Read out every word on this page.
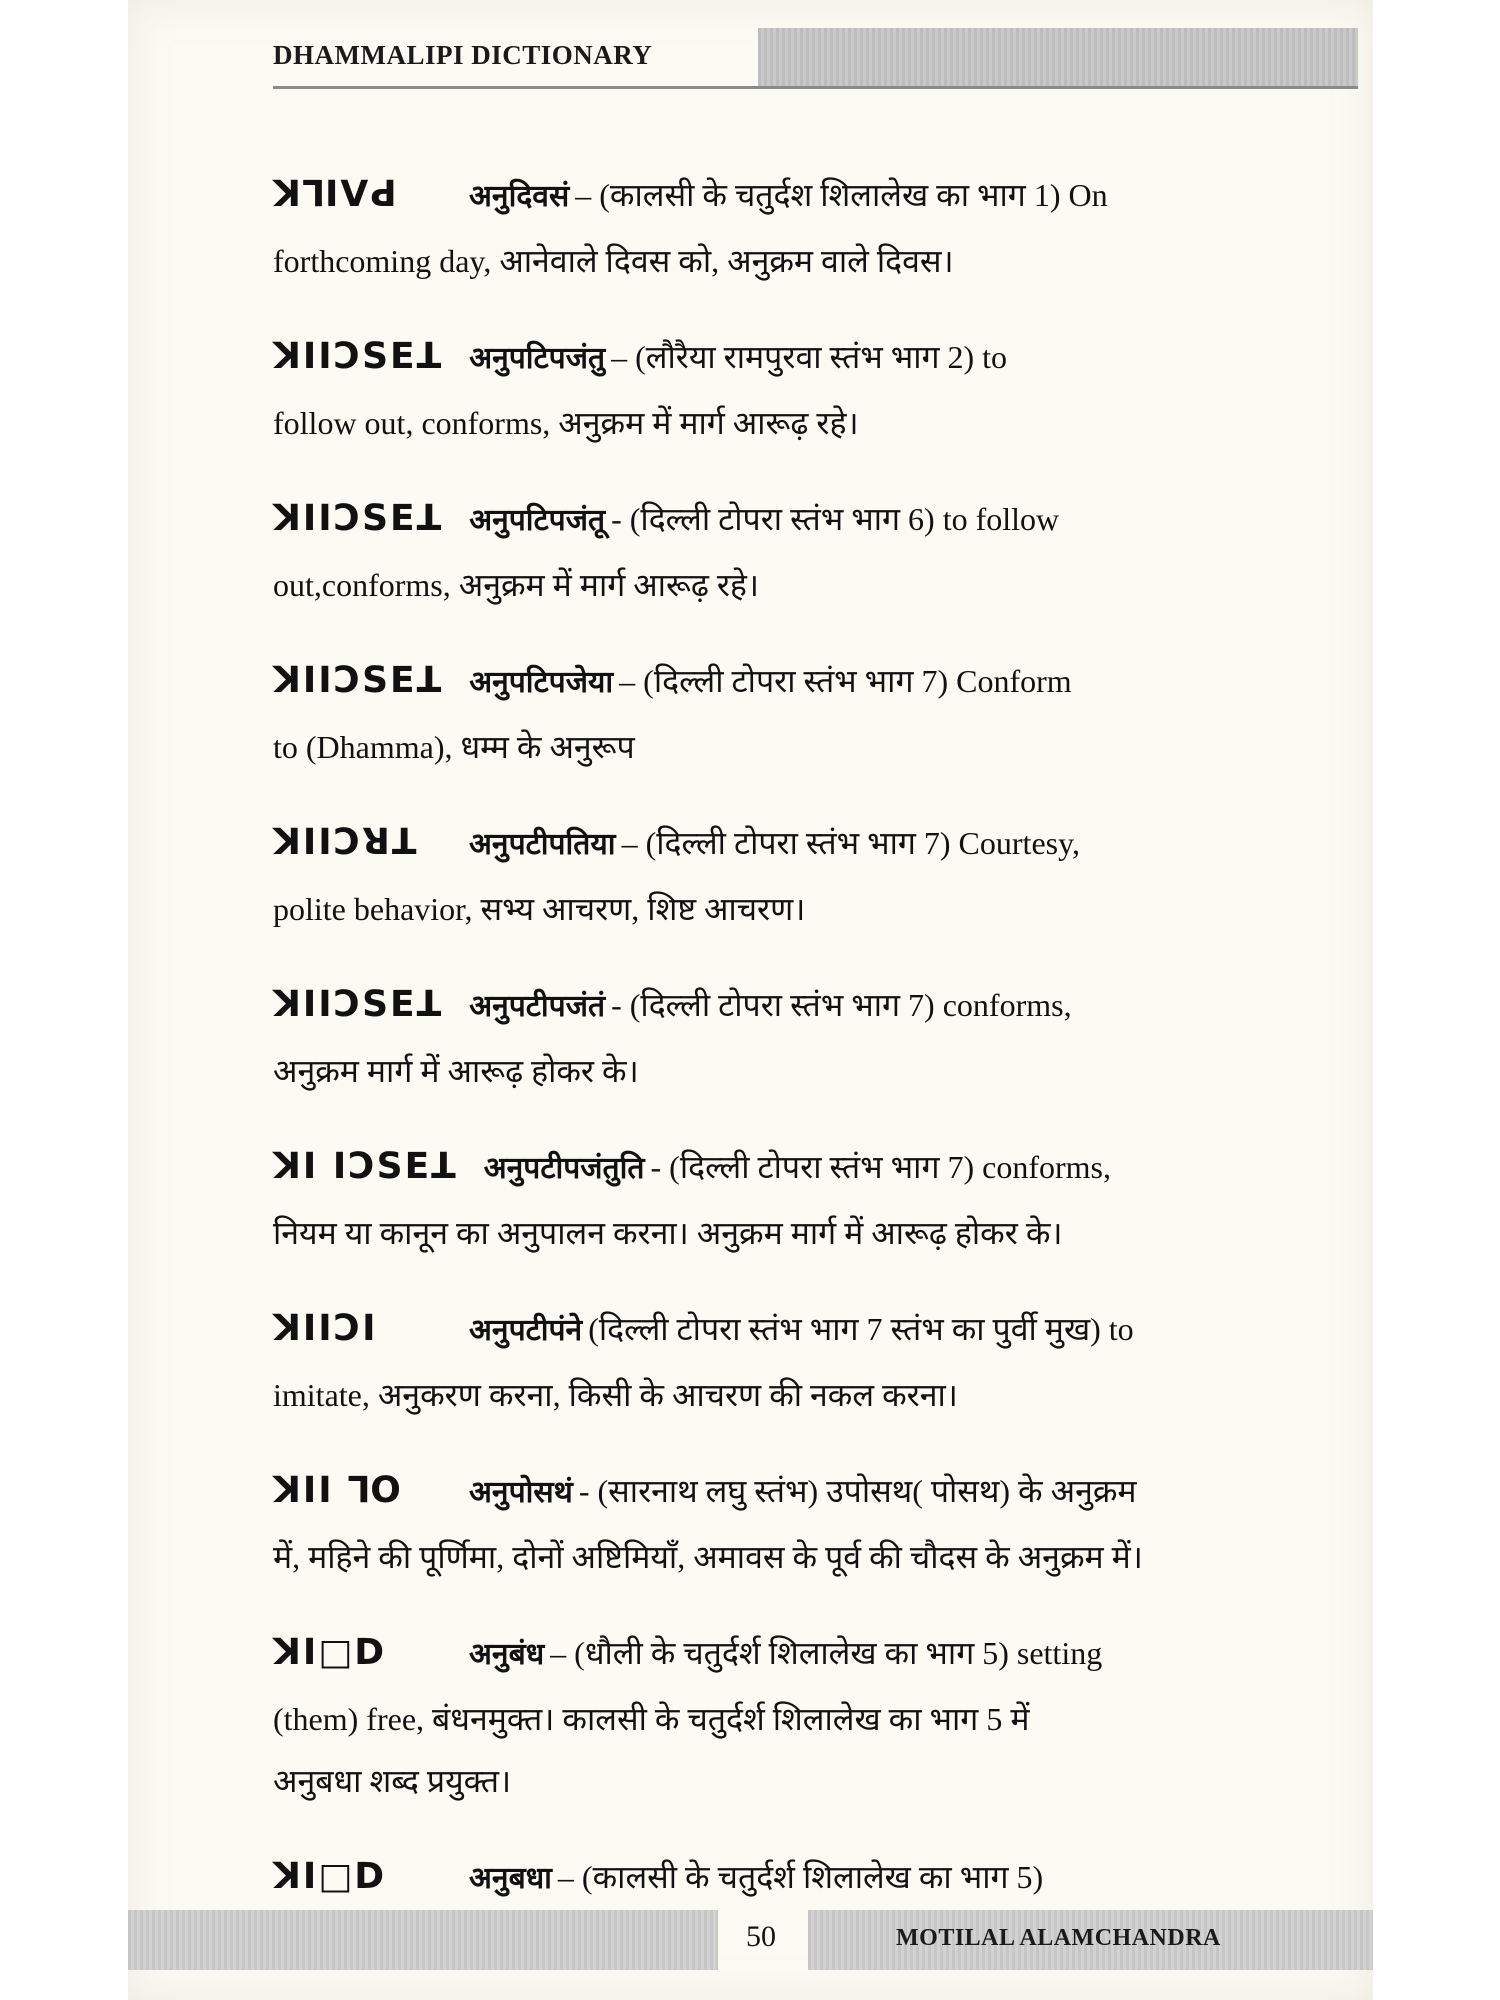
DHAMMALIPI DICTIONARY
ꓘꓶꓲꓦꓒ	अनुदिवसं – (कालसी के चतुर्दश शिलालेख का भाग 1) On
forthcoming day, आनेवाले दिवस को, अनुक्रम वाले दिवस।
ꓘꓲꓲꓛꓢꓰꓕ अनुपटिपजंतु – (लौरैया रामपुरवा स्तंभ भाग 2) to
follow out, conforms, अनुक्रम में मार्ग आरूढ़ रहे।
ꓘꓲꓲꓛꓢꓰꓕ अनुपटिपजंतू - (दिल्ली टोपरा स्तंभ भाग 6) to follow
out,conforms, अनुक्रम में मार्ग आरूढ़ रहे।
ꓘꓲꓲꓛꓢꓰꓕ अनुपटिपजेया – (दिल्ली टोपरा स्तंभ भाग 7) Conform
to (Dhamma), धम्म के अनुरूप
ꓘꓲꓲꓛꓤꓕ	अनुपटीपतिया – (दिल्ली टोपरा स्तंभ भाग 7) Courtesy,
polite behavior, सभ्य आचरण, शिष्ट आचरण।
ꓘꓲꓲꓛꓢꓰꓕ अनुपटीपजंतं - (दिल्ली टोपरा स्तंभ भाग 7) conforms,
अनुक्रम मार्ग में आरूढ़ होकर के।
ꓘꓲ ꓲꓛꓢꓰꓕ अनुपटीपजंतुति - (दिल्ली टोपरा स्तंभ भाग 7) conforms,
नियम या कानून का अनुपालन करना। अनुक्रम मार्ग में आरूढ़ होकर के।
ꓘꓲꓲꓛꓲ	अनुपटीपंने (दिल्ली टोपरा स्तंभ भाग 7 स्तंभ का पुर्वी मुख) to
imitate, अनुकरण करना, किसी के आचरण की नकल करना।
ꓘꓲꓲ ꓶꓳ	अनुपोसथं - (सारनाथ लघु स्तंभ) उपोसथ( पोसथ) के अनुक्रम
में, महिने की पूर्णिमा, दोनों अष्टिमियाँ, अमावस के पूर्व की चौदस के अनुक्रम में।
ꓘꓲ□ꓓ	अनुबंध – (धौली के चतुर्दर्श शिलालेख का भाग 5) setting
(them) free, बंधनमुक्त। कालसी के चतुर्दर्श शिलालेख का भाग 5 में
अनुबधा शब्द प्रयुक्त।
ꓘꓲ□ꓓ	अनुबधा – (कालसी के चतुर्दर्श शिलालेख का भाग 5)
50	MOTILAL ALAMCHANDRA
